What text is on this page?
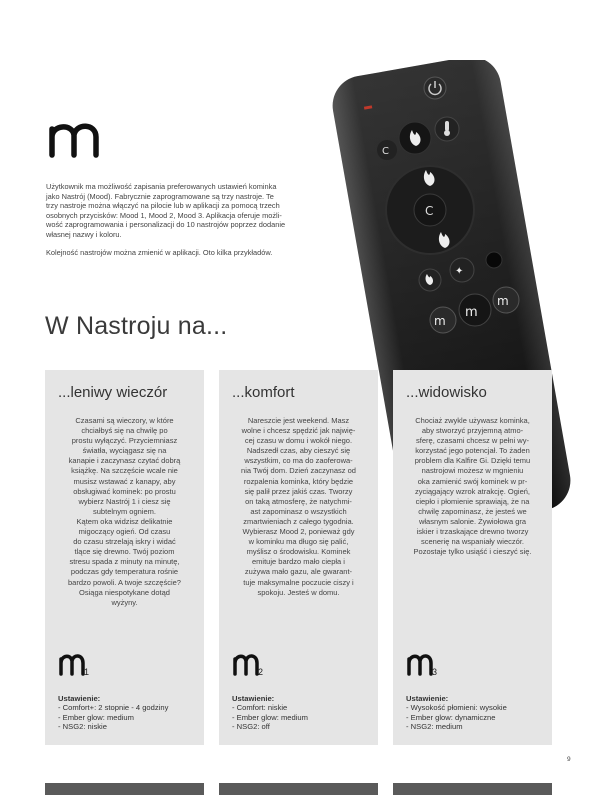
Użytkownik ma możliwość zapisania preferowanych ustawień kominka
jako Nastrój (Mood). Fabrycznie zaprogramowane są trzy nastroje. Te
trzy nastroje można włączyć na pilocie lub w aplikacji za pomocą trzech
osobnych przycisków: Mood 1, Mood 2, Mood 3. Aplikacja oferuje możli-
wość zaprogramowania i personalizacji do 10 nastrojów poprzez dodanie
własnej nazwy i koloru.

Kolejność nastrojów można zmienić w aplikacji. Oto kilka przykładów.

W Nastroju na...
C
C
✦
m
m
m
...leniwy wieczór
Czasami są wieczory, w które
chciałbyś się na chwilę po
prostu wyłączyć. Przyciemniasz
światła, wyciągasz się na
kanapie i zaczynasz czytać dobrą
książkę. Na szczęście wcale nie
musisz wstawać z kanapy, aby
obsługiwać kominek: po prostu
wybierz Nastrój 1 i ciesz się
subtelnym ogniem.
Kątem oka widzisz delikatnie
migoczący ogień. Od czasu
do czasu strzelają iskry i widać
tlące się drewno. Twój poziom
stresu spada z minuty na minutę,
podczas gdy temperatura rośnie
bardzo powoli. A twoje szczęście?
Osiąga niespotykane dotąd
wyżyny.
1
Ustawienie:
- Comfort+: 2 stopnie - 4 godziny
- Ember glow: medium
- NSG2: niskie
...komfort
Nareszcie jest weekend. Masz
wolne i chcesz spędzić jak najwię-
cej czasu w domu i wokół niego.
Nadszedł czas, aby cieszyć się
wszystkim, co ma do zaoferowa-
nia Twój dom. Dzień zaczynasz od
rozpalenia kominka, który będzie
się palił przez jakiś czas. Tworzy
on taką atmosferę, że natychmi-
ast zapominasz o wszystkich
zmartwieniach z całego tygodnia.
Wybierasz Mood 2, ponieważ gdy
w kominku ma długo się palić,
myślisz o środowisku. Kominek
emituje bardzo mało ciepła i
zużywa mało gazu, ale gwarant-
tuje maksymalne poczucie ciszy i
spokoju. Jesteś w domu.
2
Ustawienie:
- Comfort: niskie
- Ember glow: medium
- NSG2: off
...widowisko
Chociaż zwykle używasz kominka,
aby stworzyć przyjemną atmo-
sferę, czasami chcesz w pełni wy-
korzystać jego potencjał. To żaden
problem dla Kalfire Gi. Dzięki temu
nastrojowi możesz w mgnieniu
oka zamienić swój kominek w pr-
zyciągający wzrok atrakcję. Ogień,
ciepło i płomienie sprawiają, że na
chwilę zapominasz, że jesteś we
własnym salonie. Żywiołowa gra
iskier i trzaskające drewno tworzy
scenerię na wspaniały wieczór.
Pozostaje tylko usiąść i cieszyć się.
3
Ustawienie:
- Wysokość płomieni: wysokie
- Ember glow: dynamiczne
- NSG2: medium
9
